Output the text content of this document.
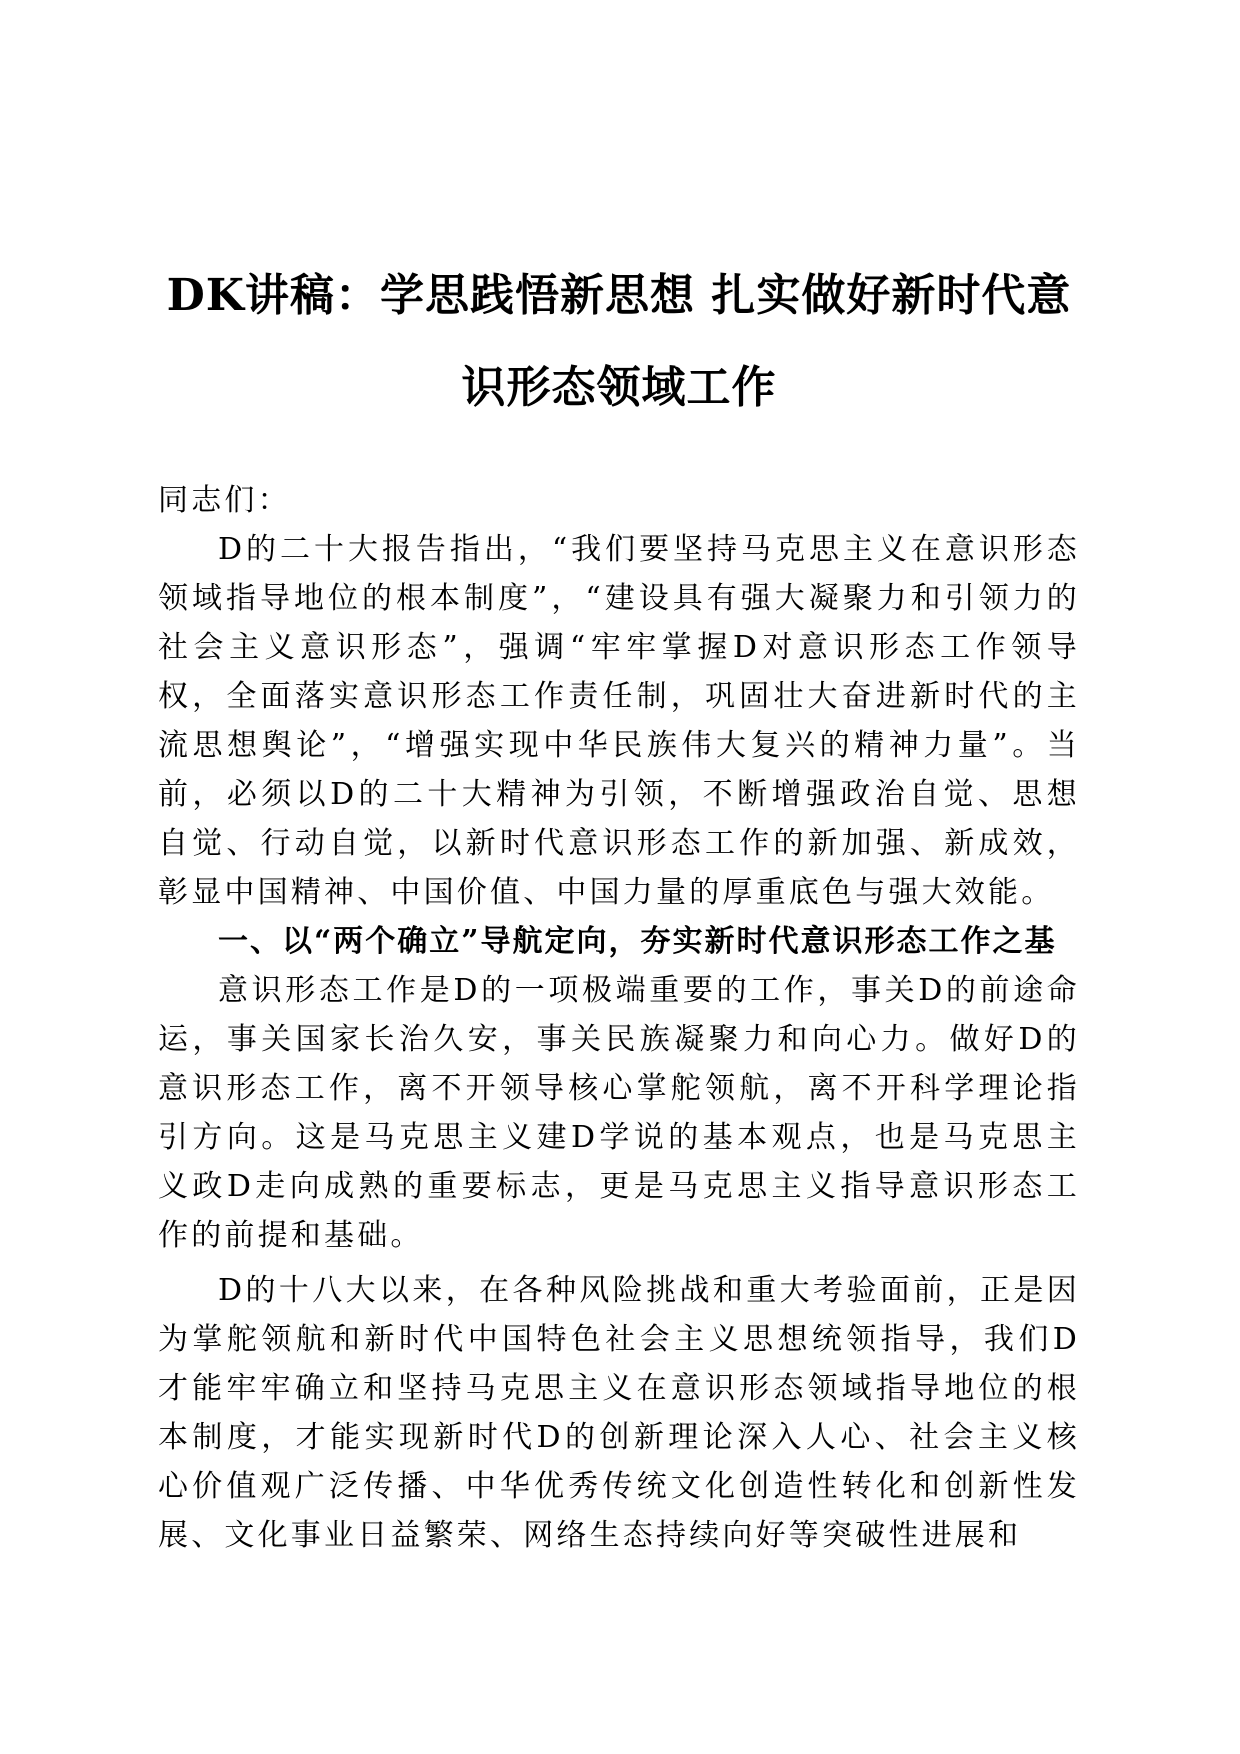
DK讲稿：学思践悟新思想 扎实做好新时代意识形态领域工作

同志们：

D的二十大报告指出，“我们要坚持马克思主义在意识形态领域指导地位的根本制度”，“建设具有强大凝聚力和引领力的社会主义意识形态”，强调“牢牢掌握D对意识形态工作领导权，全面落实意识形态工作责任制，巩固壮大奋进新时代的主流思想舆论”，“增强实现中华民族伟大复兴的精神力量”。当前，必须以D的二十大精神为引领，不断增强政治自觉、思想自觉、行动自觉，以新时代意识形态工作的新加强、新成效，彰显中国精神、中国价值、中国力量的厚重底色与强大效能。

一、以“两个确立”导航定向，夯实新时代意识形态工作之基

意识形态工作是D的一项极端重要的工作，事关D的前途命运，事关国家长治久安，事关民族凝聚力和向心力。做好D的意识形态工作，离不开领导核心掌舵领航，离不开科学理论指引方向。这是马克思主义建D学说的基本观点，也是马克思主义政D走向成熟的重要标志，更是马克思主义指导意识形态工作的前提和基础。

D的十八大以来，在各种风险挑战和重大考验面前，正是因为掌舵领航和新时代中国特色社会主义思想统领指导，我们D才能牢牢确立和坚持马克思主义在意识形态领域指导地位的根本制度，才能实现新时代D的创新理论深入人心、社会主义核心价值观广泛传播、中华优秀传统文化创造性转化和创新性发展、文化事业日益繁荣、网络生态持续向好等突破性进展和
